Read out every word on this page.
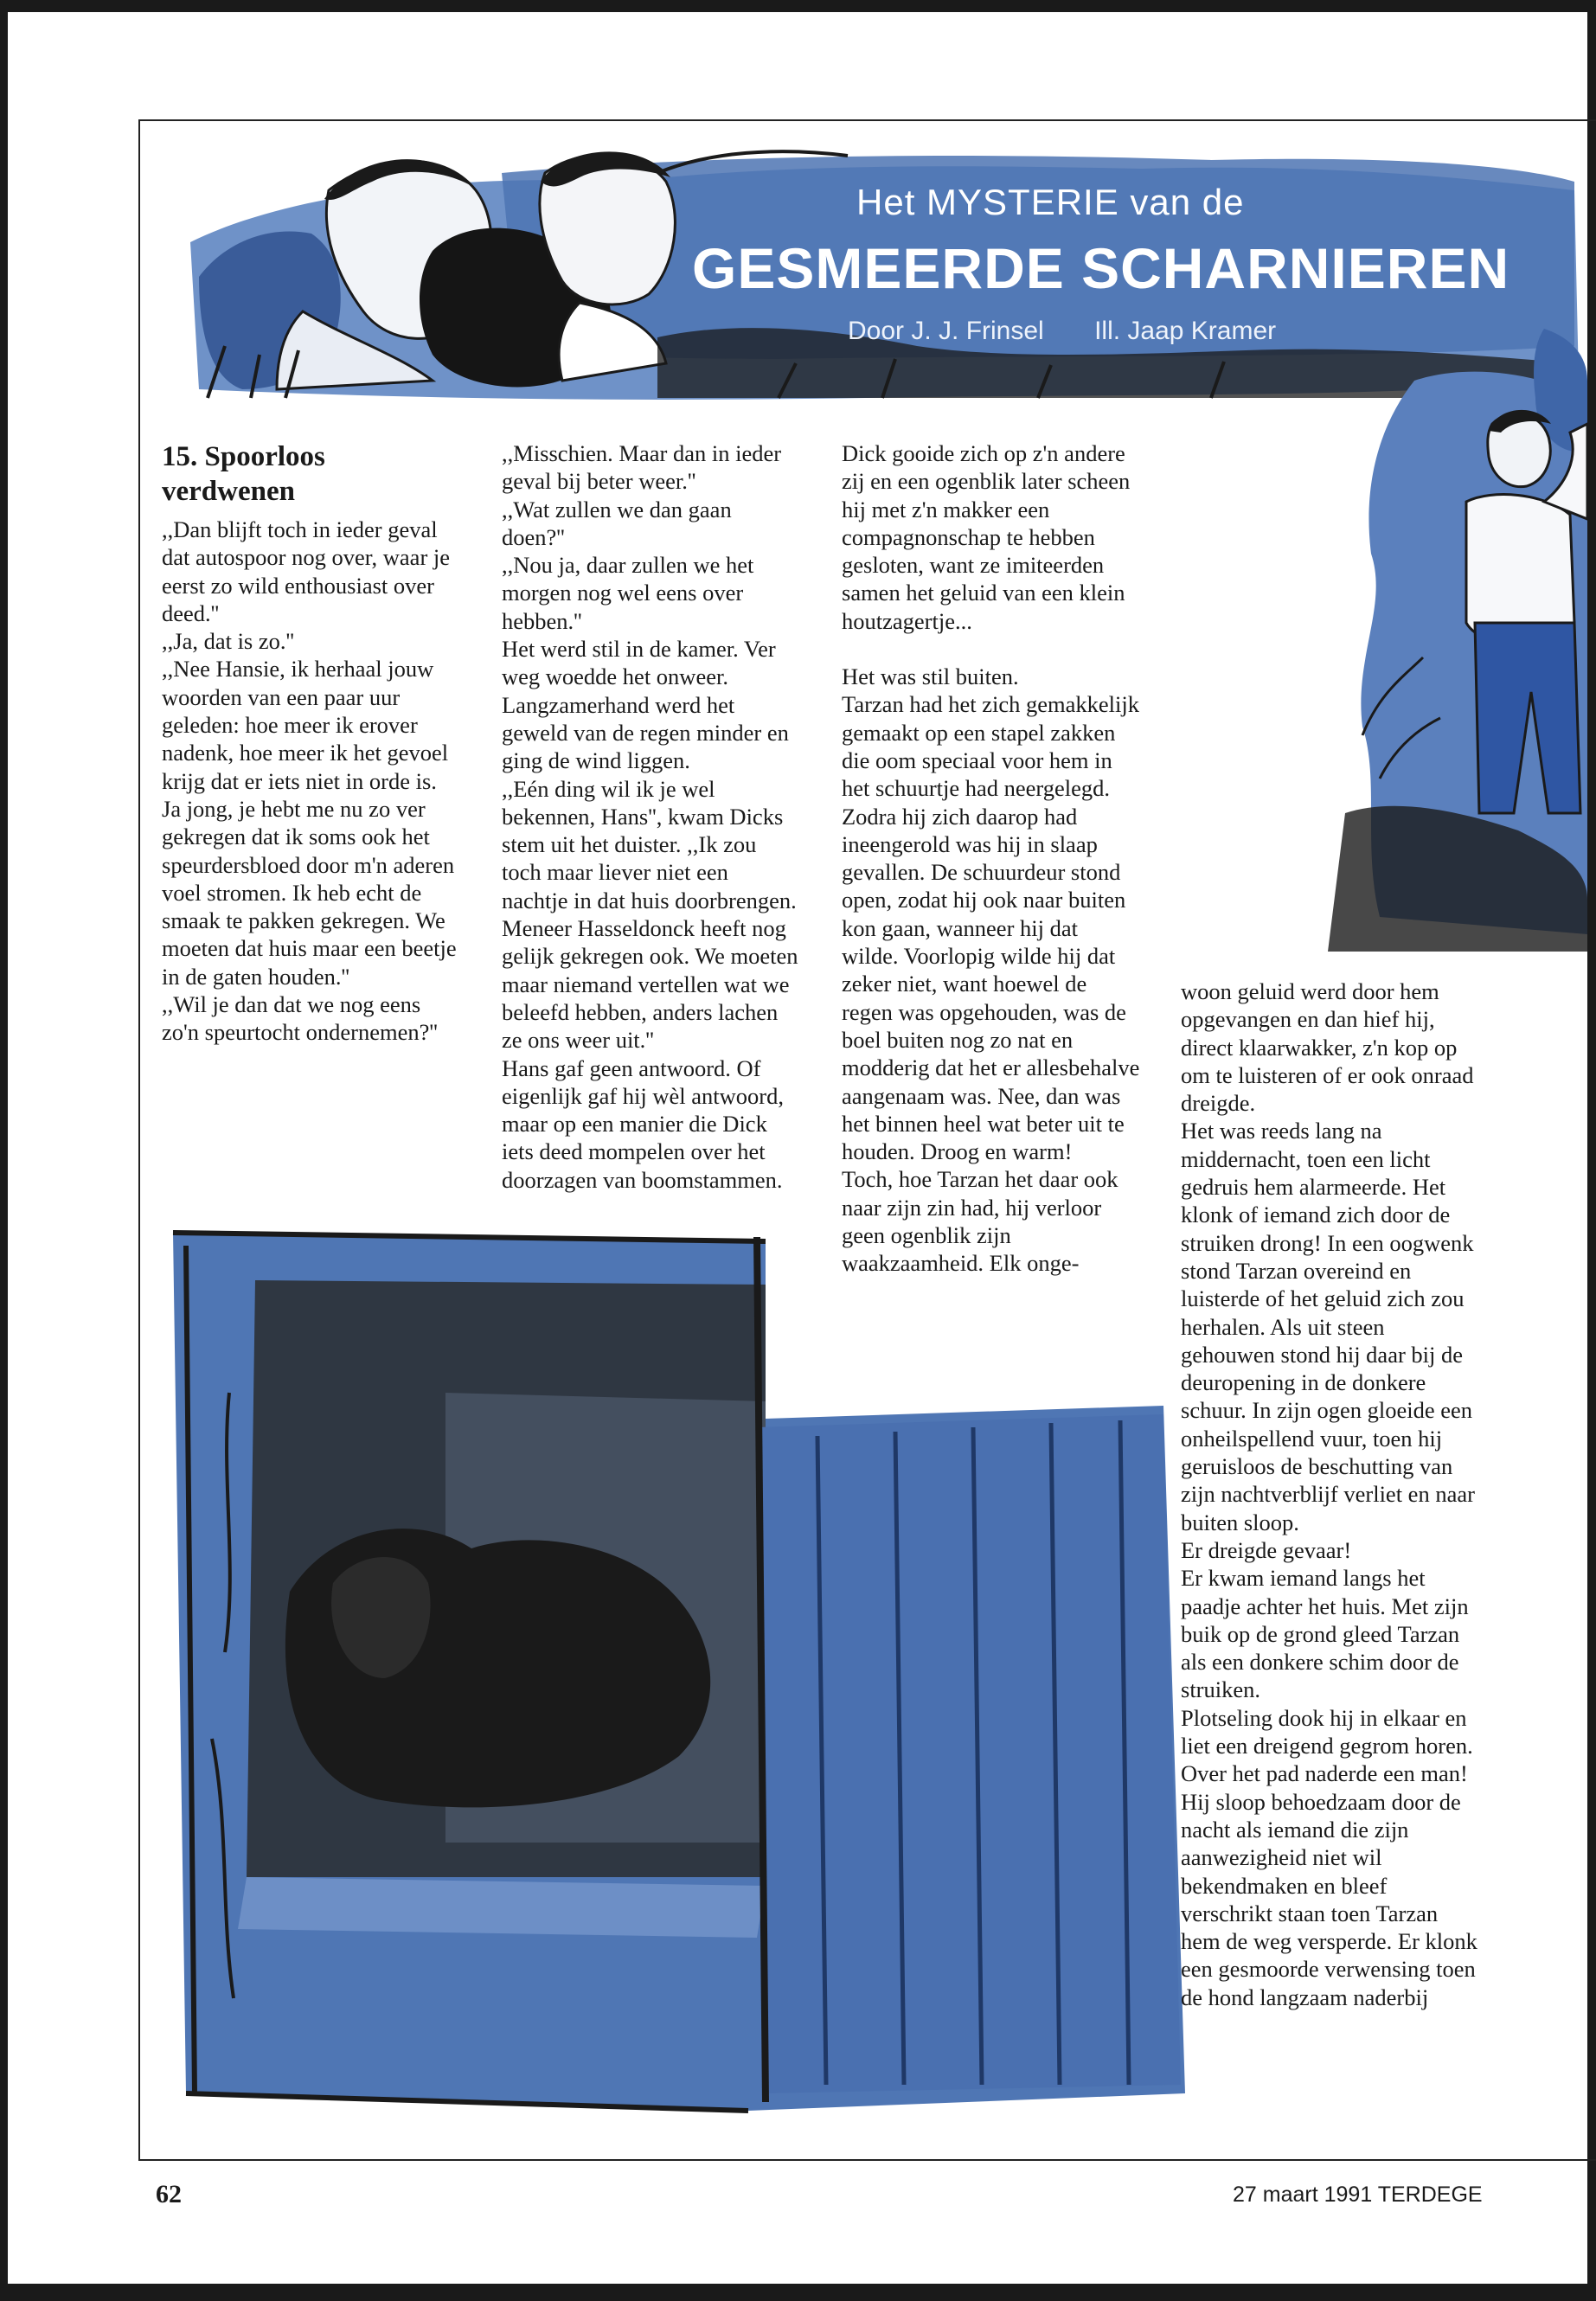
Het MYSTERIE van de
GESMEERDE SCHARNIEREN
Door J. J. Frinsel Ill. Jaap Kramer
15. Spoorloos verdwenen

,,Dan blijft toch in ieder geval dat autospoor nog over, waar je eerst zo wild enthousiast over deed.''

,,Ja, dat is zo.''

,,Nee Hansie, ik herhaal jouw woorden van een paar uur geleden: hoe meer ik erover nadenk, hoe meer ik het gevoel krijg dat er iets niet in orde is. Ja jong, je hebt me nu zo ver gekregen dat ik soms ook het speurdersbloed door m'n aderen voel stromen. Ik heb echt de smaak te pakken gekregen. We moeten dat huis maar een beetje in de gaten houden.''

,,Wil je dan dat we nog eens zo'n speurtocht ondernemen?''

,,Misschien. Maar dan in ieder geval bij beter weer.''

,,Wat zullen we dan gaan doen?''

,,Nou ja, daar zullen we het morgen nog wel eens over hebben.''

Het werd stil in de kamer. Ver weg woedde het onweer. Langzamerhand werd het geweld van de regen minder en ging de wind liggen.

,,Eén ding wil ik je wel bekennen, Hans'', kwam Dicks stem uit het duister. ,,Ik zou toch maar liever niet een nachtje in dat huis doorbrengen. Meneer Hasseldonck heeft nog gelijk gekregen ook. We moeten maar niemand vertellen wat we beleefd hebben, anders lachen ze ons weer uit.''

Hans gaf geen antwoord. Of eigenlijk gaf hij wèl antwoord, maar op een manier die Dick iets deed mompelen over het doorzagen van boomstammen.

Dick gooide zich op z'n andere zij en een ogenblik later scheen hij met z'n makker een compagnonschap te hebben gesloten, want ze imiteerden samen het geluid van een klein houtzagertje...

Het was stil buiten.

Tarzan had het zich gemakkelijk gemaakt op een stapel zakken die oom speciaal voor hem in het schuurtje had neergelegd. Zodra hij zich daarop had ineengerold was hij in slaap gevallen. De schuurdeur stond open, zodat hij ook naar buiten kon gaan, wanneer hij dat wilde. Voorlopig wilde hij dat zeker niet, want hoewel de regen was opgehouden, was de boel buiten nog zo nat en modderig dat het er allesbehalve aangenaam was. Nee, dan was het binnen heel wat beter uit te houden. Droog en warm!

Toch, hoe Tarzan het daar ook naar zijn zin had, hij verloor geen ogenblik zijn waakzaamheid. Elk onge-

woon geluid werd door hem opgevangen en dan hief hij, direct klaarwakker, z'n kop op om te luisteren of er ook onraad dreigde.

Het was reeds lang na middernacht, toen een licht gedruis hem alarmeerde. Het klonk of iemand zich door de struiken drong! In een oogwenk stond Tarzan overeind en luisterde of het geluid zich zou herhalen. Als uit steen gehouwen stond hij daar bij de deuropening in de donkere schuur. In zijn ogen gloeide een onheilspellend vuur, toen hij geruisloos de beschutting van zijn nachtverblijf verliet en naar buiten sloop.

Er dreigde gevaar!

Er kwam iemand langs het paadje achter het huis. Met zijn buik op de grond gleed Tarzan als een donkere schim door de struiken.

Plotseling dook hij in elkaar en liet een dreigend gegrom horen.

Over het pad naderde een man! Hij sloop behoedzaam door de nacht als iemand die zijn aanwezigheid niet wil bekendmaken en bleef verschrikt staan toen Tarzan hem de weg versperde. Er klonk een gesmoorde verwensing toen de hond langzaam naderbij

62	27 maart 1991 TERDEGE
